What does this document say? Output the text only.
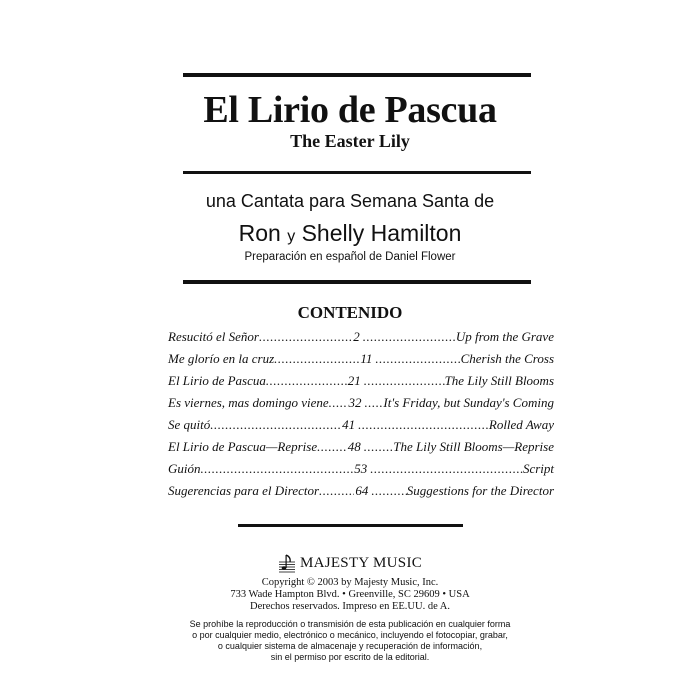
El Lirio de Pascua
The Easter Lily
una Cantata para Semana Santa de
Ron y Shelly Hamilton
Preparación en español de Daniel Flower
CONTENIDO
Resucitó el Señor .....	2 .....	Up from the Grave
Me glorío en la cruz .....	11 .....	Cherish the Cross
El Lirio de Pascua .....	21 .....	The Lily Still Blooms
Es viernes, mas domingo viene ..... 32 ..... It's Friday, but Sunday's Coming
Se quitó .....	41 .....	Rolled Away
El Lirio de Pascua—Reprise ..... 48 .....	The Lily Still Blooms—Reprise
Guión .....	53 .....	Script
Sugerencias para el Director .....	64 .....	Suggestions for the Director
MAJESTY MUSIC
Copyright © 2003 by Majesty Music, Inc.
733 Wade Hampton Blvd. • Greenville, SC 29609 • USA
Derechos reservados. Impreso en EE.UU. de A.
Se prohíbe la reproducción o transmisión de esta publicación en cualquier forma
o por cualquier medio, electrónico o mecánico, incluyendo el fotocopiar, grabar,
o cualquier sistema de almacenaje y recuperación de información,
sin el permiso por escrito de la editorial.
